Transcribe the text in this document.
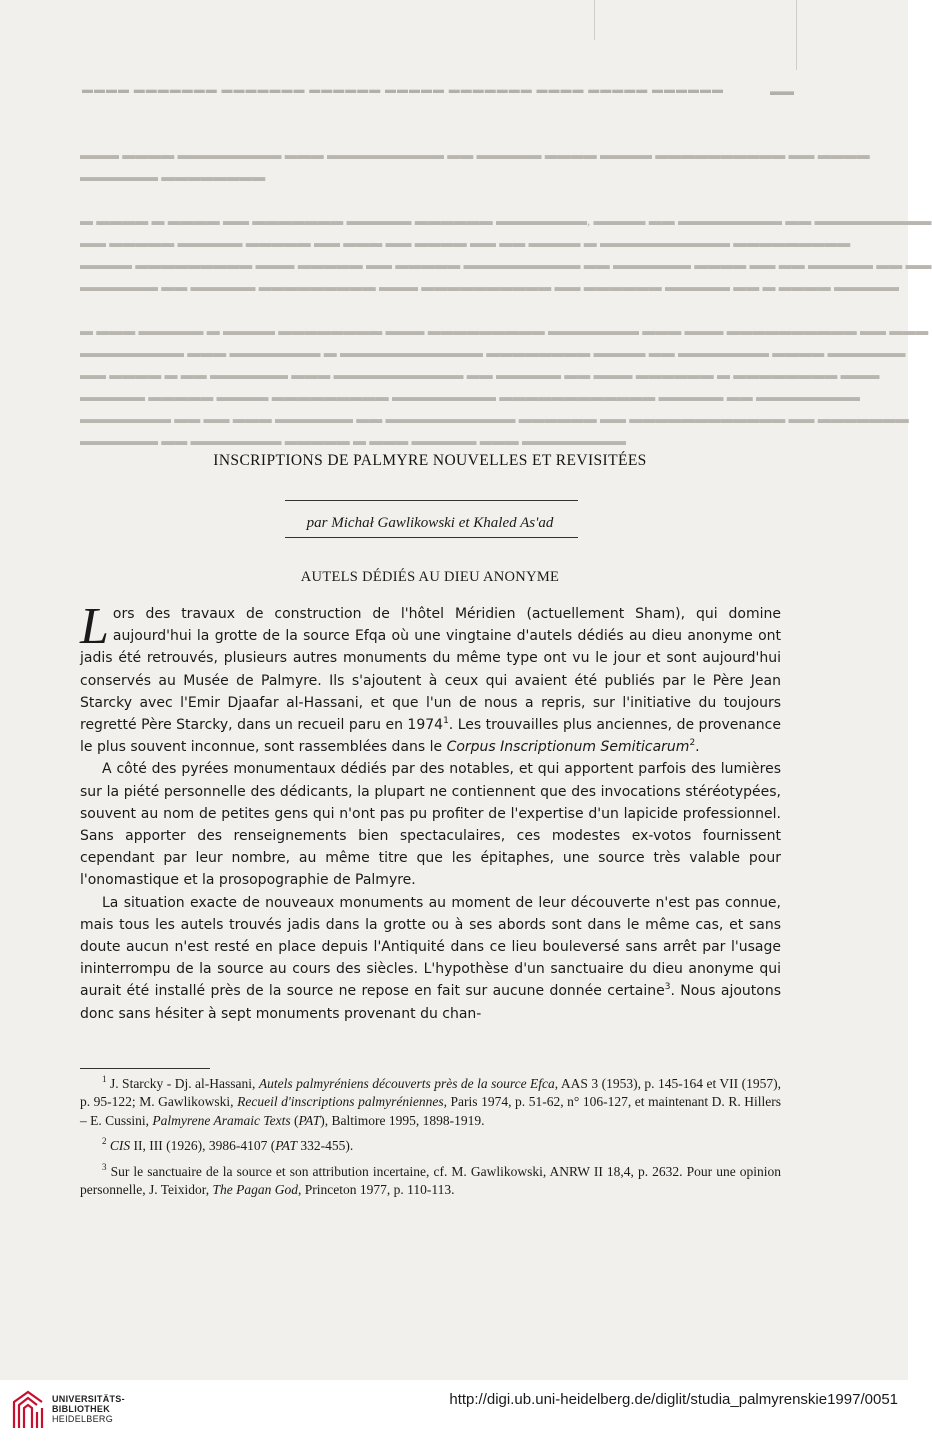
▬▬▬▬ ▬▬▬▬▬▬▬ ▬▬▬▬▬▬▬ ▬▬▬▬▬▬ ▬▬▬▬▬ ▬▬▬▬▬▬▬ ▬▬▬▬ ▬▬▬▬▬ ▬▬▬▬▬▬
▬▬▬ ▬▬▬▬ ▬▬▬▬▬▬▬▬ ▬▬▬ ▬▬▬▬▬▬▬▬▬ ▬▬ ▬▬▬▬▬ ▬▬▬▬ ▬▬▬▬ ▬▬▬▬▬▬▬▬▬▬ ▬▬ ▬▬▬▬
▬▬▬▬▬▬ ▬▬▬▬▬▬▬▬

▬ ▬▬▬▬ ▬ ▬▬▬▬ ▬▬ ▬▬▬▬▬▬▬ ▬▬▬▬▬ ▬▬▬▬▬▬ ▬▬▬▬▬▬▬, ▬▬▬▬ ▬▬ ▬▬▬▬▬▬▬▬ ▬▬ ▬▬▬▬▬▬▬▬▬
▬▬ ▬▬▬▬▬ ▬▬▬▬▬ ▬▬▬▬▬ ▬▬ ▬▬▬ ▬▬ ▬▬▬▬ ▬▬ ▬▬ ▬▬▬▬ ▬ ▬▬▬▬▬▬▬▬▬▬ ▬▬▬▬▬▬▬▬▬
▬▬▬▬ ▬▬▬▬▬▬▬▬▬ ▬▬▬ ▬▬▬▬▬ ▬▬ ▬▬▬▬▬ ▬▬▬▬▬▬▬▬▬ ▬▬ ▬▬▬▬▬▬ ▬▬▬▬ ▬▬ ▬▬ ▬▬▬▬▬ ▬▬ ▬▬
▬▬▬▬▬▬ ▬▬ ▬▬▬▬▬ ▬▬▬▬▬▬▬▬▬ ▬▬▬ ▬▬▬▬▬▬▬▬▬▬ ▬▬ ▬▬▬▬▬▬ ▬▬▬▬▬ ▬▬ ▬ ▬▬▬▬ ▬▬▬▬▬

▬ ▬▬▬ ▬▬▬▬▬ ▬ ▬▬▬▬ ▬▬▬▬▬▬▬▬ ▬▬▬ ▬▬▬▬▬▬▬▬▬ ▬▬▬▬▬▬▬ ▬▬▬ ▬▬▬ ▬▬▬▬▬▬▬▬▬▬ ▬▬ ▬▬▬
▬▬▬▬▬▬▬▬ ▬▬▬ ▬▬▬▬▬▬▬ ▬ ▬▬▬▬▬▬▬▬▬▬▬ ▬▬▬▬▬▬▬▬ ▬▬▬▬ ▬▬ ▬▬▬▬▬▬▬ ▬▬▬▬ ▬▬▬▬▬▬
▬▬ ▬▬▬▬ ▬ ▬▬ ▬▬▬▬▬▬ ▬▬▬ ▬▬▬▬▬▬▬▬▬▬ ▬▬ ▬▬▬▬▬ ▬▬ ▬▬▬ ▬▬▬▬▬▬ ▬ ▬▬▬▬▬▬▬▬ ▬▬▬
▬▬▬▬▬ ▬▬▬▬▬ ▬▬▬▬ ▬▬▬▬▬▬▬▬▬ ▬▬▬▬▬▬▬▬ ▬▬▬▬▬▬▬▬▬▬▬▬ ▬▬▬▬▬ ▬▬ ▬▬▬▬▬▬▬▬
▬▬▬▬▬▬▬ ▬▬ ▬▬ ▬▬▬ ▬▬▬▬▬▬ ▬▬ ▬▬▬▬▬▬▬▬▬▬ ▬▬▬▬▬▬ ▬▬ ▬▬▬▬▬▬▬▬▬▬▬▬ ▬▬ ▬▬▬▬▬▬▬
▬▬▬▬▬▬ ▬▬ ▬▬▬▬▬▬▬ ▬▬▬▬▬ ▬ ▬▬▬ ▬▬▬▬▬ ▬▬▬ ▬▬▬▬▬▬▬▬
▬▬
INSCRIPTIONS DE PALMYRE NOUVELLES ET REVISITÉES
par Michał Gawlikowski et Khaled As'ad
AUTELS DÉDIÉS AU DIEU ANONYME

Lors des travaux de construction de l'hôtel Méridien (actuellement Sham), qui domine aujourd'hui la grotte de la source Efqa où une vingtaine d'autels dédiés au dieu anonyme ont jadis été retrouvés, plusieurs autres monuments du même type ont vu le jour et sont aujourd'hui conservés au Musée de Palmyre. Ils s'ajoutent à ceux qui avaient été publiés par le Père Jean Starcky avec l'Emir Djaafar al-Hassani, et que l'un de nous a repris, sur l'initiative du toujours regretté Père Starcky, dans un recueil paru en 1974$^1$. Les trouvailles plus anciennes, de provenance le plus souvent inconnue, sont rassemblées dans le Corpus Inscriptionum Semiticarum$^2$.

A côté des pyrées monumentaux dédiés par des notables, et qui apportent parfois des lumières sur la piété personnelle des dédicants, la plupart ne contiennent que des invocations stéréotypées, souvent au nom de petites gens qui n'ont pas pu profiter de l'expertise d'un lapicide professionnel. Sans apporter des renseignements bien spectaculaires, ces modestes ex-votos fournissent cependant par leur nombre, au même titre que les épitaphes, une source très valable pour l'onomastique et la prosopographie de Palmyre.

La situation exacte de nouveaux monuments au moment de leur découverte n'est pas connue, mais tous les autels trouvés jadis dans la grotte ou à ses abords sont dans le même cas, et sans doute aucun n'est resté en place depuis l'Antiquité dans ce lieu bouleversé sans arrêt par l'usage ininterrompu de la source au cours des siècles. L'hypothèse d'un sanctuaire du dieu anonyme qui aurait été installé près de la source ne repose en fait sur aucune donnée certaine$^3$. Nous ajoutons donc sans hésiter à sept monuments provenant du chan-

$^1$ J. Starcky - Dj. al-Hassani, Autels palmyréniens découverts près de la source Efca, AAS 3 (1953), p. 145-164 et VII (1957), p. 95-122; M. Gawlikowski, Recueil d'inscriptions palmyréniennes, Paris 1974, p. 51-62, n° 106-127, et maintenant D. R. Hillers – E. Cussini, Palmyrene Aramaic Texts (PAT), Baltimore 1995, 1898-1919.

$^2$ CIS II, III (1926), 3986-4107 (PAT 332-455).

$^3$ Sur le sanctuaire de la source et son attribution incertaine, cf. M. Gawlikowski, ANRW II 18,4, p. 2632. Pour une opinion personnelle, J. Teixidor, The Pagan God, Princeton 1977, p. 110-113.

UNIVERSITÄTS-
BIBLIOTHEK
HEIDELBERG
http://digi.ub.uni-heidelberg.de/diglit/studia_palmyrenskie1997/0051
